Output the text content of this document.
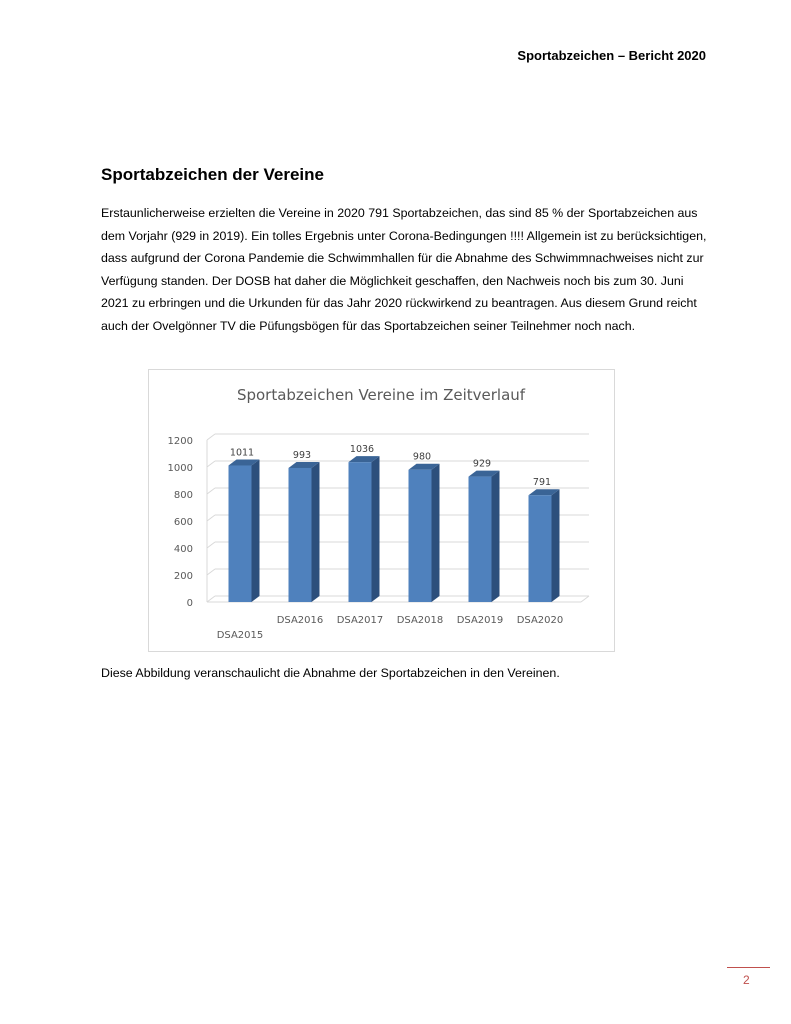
Sportabzeichen – Bericht 2020
Sportabzeichen der Vereine

Erstaunlicherweise erzielten die Vereine in 2020 791 Sportabzeichen, das sind 85 % der Sportabzeichen aus dem Vorjahr (929 in 2019). Ein tolles Ergebnis unter Corona-Bedingungen !!!! Allgemein ist zu berücksichtigen, dass aufgrund der Corona Pandemie die Schwimmhallen für die Abnahme des Schwimmnachweises nicht zur Verfügung standen. Der DOSB hat daher die Möglichkeit geschaffen, den Nachweis noch bis zum 30. Juni 2021 zu erbringen und die Urkunden für das Jahr 2020 rückwirkend zu beantragen. Aus diesem Grund reicht auch der Ovelgönner TV die Püfungsbögen für das Sportabzeichen seiner Teilnehmer noch nach.

Sportabzeichen Vereine im Zeitverlauf
0
200
400
600
800
1000
1200
1011	993
1036
980
929
791
DSA2015
DSA2016 DSA2017 DSA2018 DSA2019 DSA2020

Diese Abbildung veranschaulicht die Abnahme der Sportabzeichen in den Vereinen.

2
